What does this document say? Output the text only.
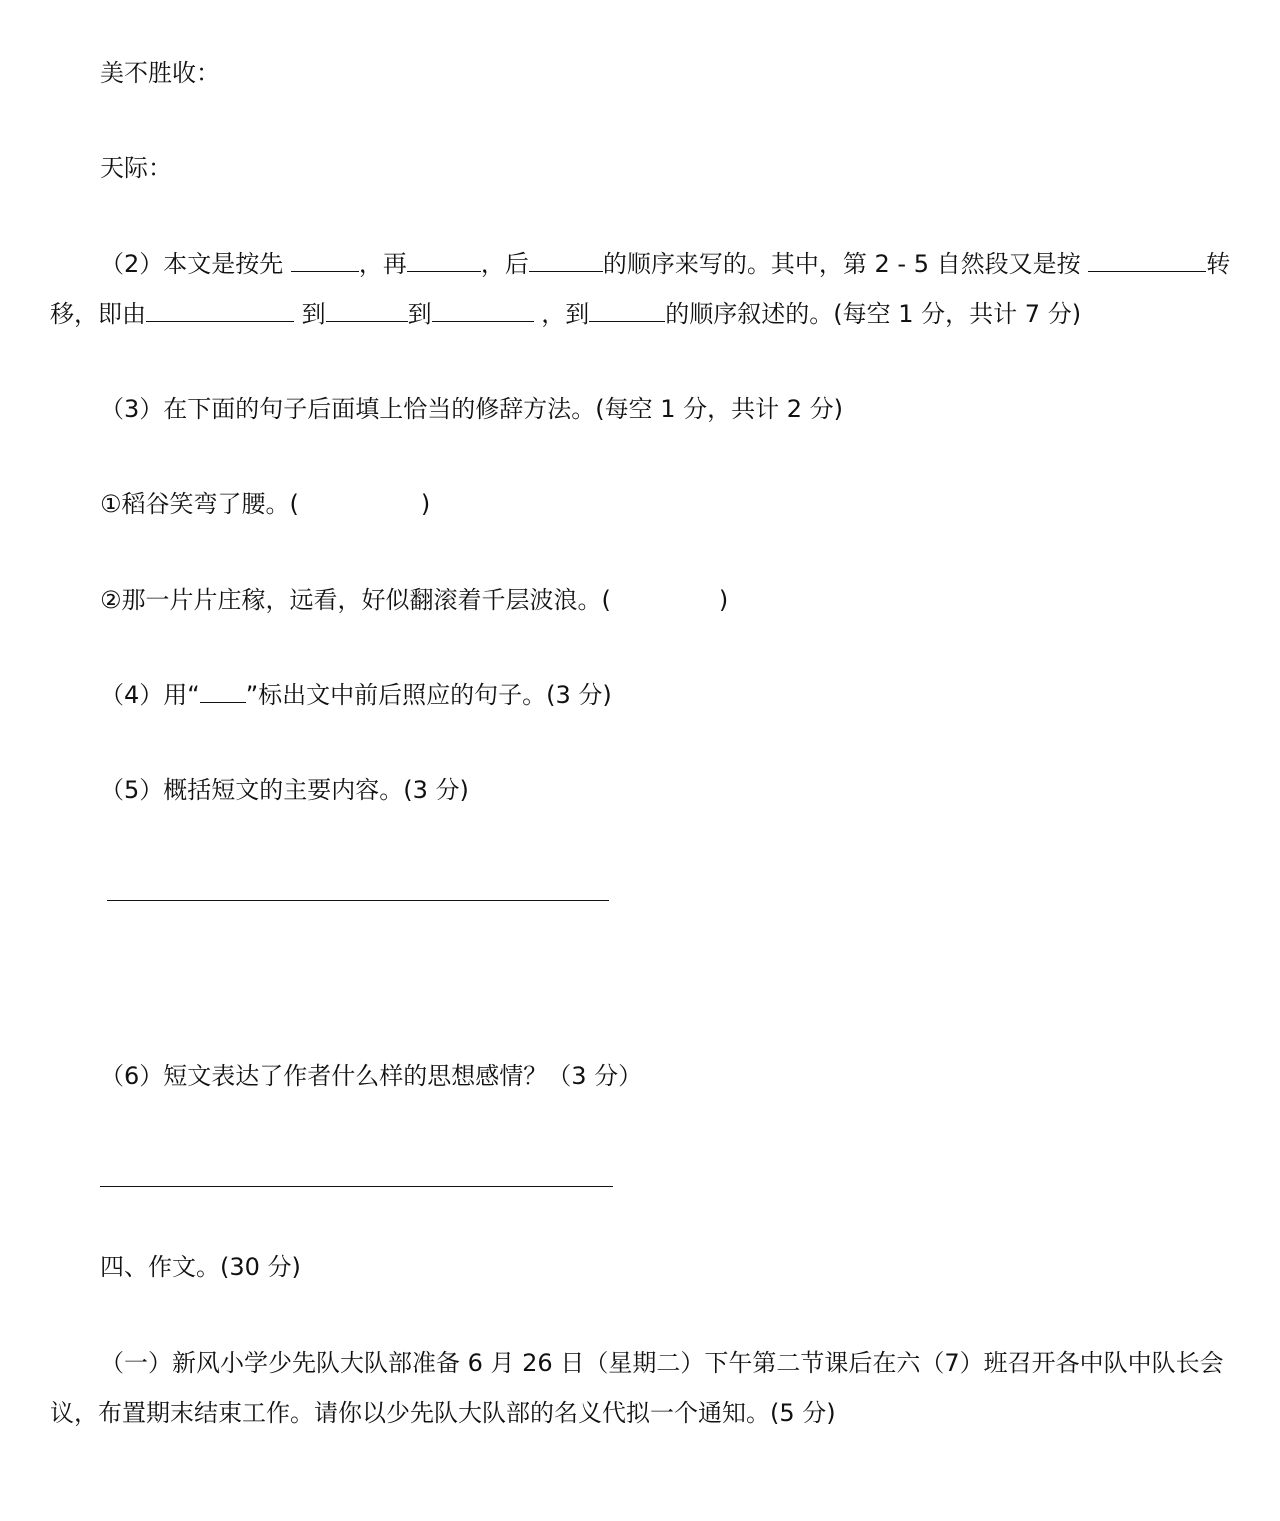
美不胜收：
天际：
（2）本文是按先	，再	，后	的顺序来写的。其中，第 2 - 5 自然段又是按	转
移，即由	到	到	，到	的顺序叙述的。(每空 1 分，共计 7 分)
（3）在下面的句子后面填上恰当的修辞方法。(每空 1 分，共计 2 分)
①稻谷笑弯了腰。(	)
②那一片片庄稼，远看，好似翻滚着千层波浪。(	)
（4）用“ ”标出文中前后照应的句子。(3 分)
（5）概括短文的主要内容。(3 分)
（6）短文表达了作者什么样的思想感情？（3 分）
四、作文。(30 分)
（一）新风小学少先队大队部准备 6 月 26 日（星期二）下午第二节课后在六（7）班召开各中队中队长会
议，布置期末结束工作。请你以少先队大队部的名义代拟一个通知。(5 分)
